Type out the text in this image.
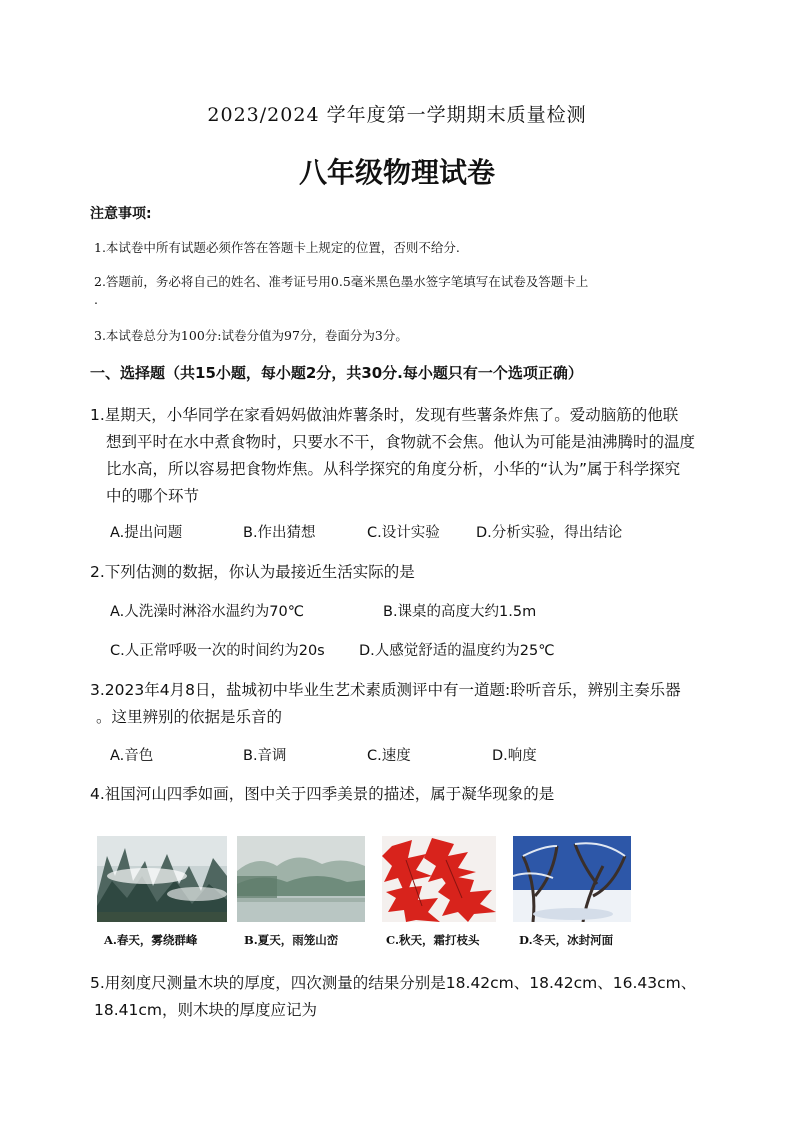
2023/2024 学年度第一学期期末质量检测
八年级物理试卷
注意事项:
1.本试卷中所有试题必须作答在答题卡上规定的位置，否则不给分.
2.答题前，务必将自己的姓名、准考证号用0.5毫米黑色墨水签字笔填写在试卷及答题卡上
.
3.本试卷总分为100分:试卷分值为97分，卷面分为3分。
一、选择题（共15小题，每小题2分，共30分.每小题只有一个选项正确）
1.星期天，小华同学在家看妈妈做油炸薯条时，发现有些薯条炸焦了。爱动脑筋的他联
想到平时在水中煮食物时，只要水不干，食物就不会焦。他认为可能是油沸腾时的温度
比水高，所以容易把食物炸焦。从科学探究的角度分析，小华的“认为”属于科学探究
中的哪个环节
A.提出问题	B.作出猜想	C.设计实验	D.分析实验，得出结论
2.下列估测的数据，你认为最接近生活实际的是
A.人洗澡时淋浴水温约为70℃	B.课桌的高度大约1.5m
C.人正常呼吸一次的时间约为20s D.人感觉舒适的温度约为25℃
3.2023年4月8日，盐城初中毕业生艺术素质测评中有一道题:聆听音乐，辨别主奏乐器
。这里辨别的依据是乐音的
A.音色	B.音调	C.速度	D.响度
4.祖国河山四季如画，图中关于四季美景的描述，属于凝华现象的是
A.春天，雾绕群峰	B.夏天，雨笼山峦	C.秋天，霜打枝头	D.冬天，冰封河面
5.用刻度尺测量木块的厚度，四次测量的结果分别是18.42cm、18.42cm、16.43cm、
18.41cm，则木块的厚度应记为
